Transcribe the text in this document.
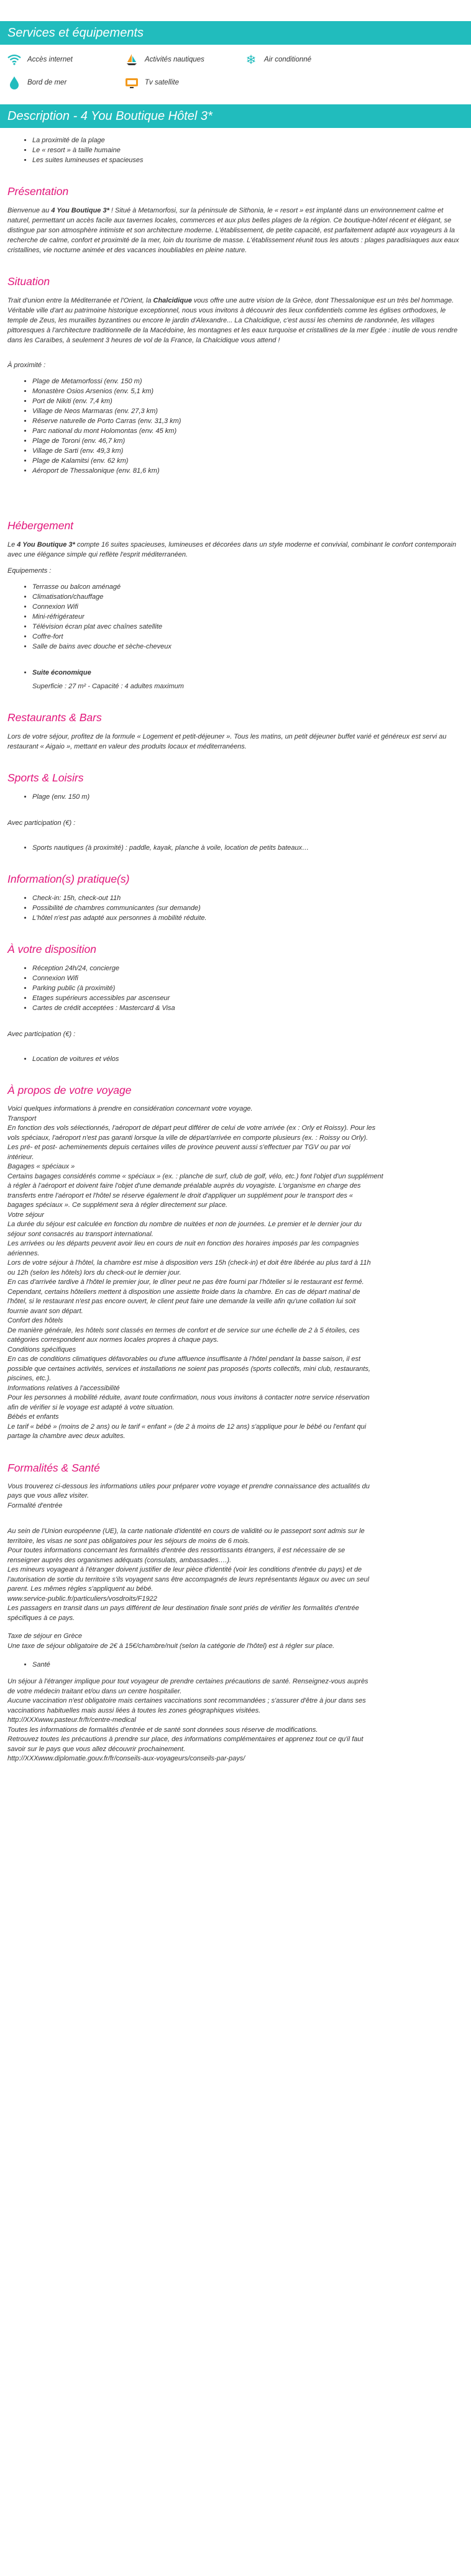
Services et équipements
Accès internet	Activités nautiques	❄ Air conditionné
Bord de mer	Tv satellite
Description - 4 You Boutique Hôtel 3*
• La proximité de la plage
• Le « resort » à taille humaine
• Les suites lumineuses et spacieuses
Présentation

Bienvenue au 4 You Boutique 3* ! Situé à Metamorfosi, sur la péninsule de Sithonia, le « resort » est implanté dans un environnement calme et naturel, permettant un accès facile aux tavernes locales, commerces et aux plus belles plages de la région. Ce boutique-hôtel récent et élégant, se distingue par son atmosphère intimiste et son architecture moderne. L'établissement, de petite capacité, est parfaitement adapté aux voyageurs à la recherche de calme, confort et proximité de la mer, loin du tourisme de masse. L'établissement réunit tous les atouts : plages paradisiaques aux eaux cristallines, vie nocturne animée et des vacances inoubliables en pleine nature.

Situation

Trait d'union entre la Méditerranée et l'Orient, la Chalcidique vous offre une autre vision de la Grèce, dont Thessalonique est un très bel hommage. Véritable ville d'art au patrimoine historique exceptionnel, nous vous invitons à découvrir des lieux confidentiels comme les églises orthodoxes, le temple de Zeus, les murailles byzantines ou encore le jardin d'Alexandre... La Chalcidique, c'est aussi les chemins de randonnée, les villages pittoresques à l'architecture traditionnelle de la Macédoine, les montagnes et les eaux turquoise et cristallines de la mer Egée : inutile de vous rendre dans les Caraïbes, à seulement 3 heures de vol de la France, la Chalcidique vous attend !

À proximité :

• Plage de Metamorfossi (env. 150 m)
• Monastère Osios Arsenios (env. 5,1 km)
• Port de Nikiti (env. 7,4 km)
• Village de Neos Marmaras (env. 27,3 km)
• Réserve naturelle de Porto Carras (env. 31,3 km)
• Parc national du mont Holomontas (env. 45 km)
• Plage de Toroni (env. 46,7 km)
• Village de Sarti (env. 49,3 km)
• Plage de Kalamitsi (env. 62 km)
• Aéroport de Thessalonique (env. 81,6 km)
Hébergement

Le 4 You Boutique 3* compte 16 suites spacieuses, lumineuses et décorées dans un style moderne et convivial, combinant le confort contemporain avec une élégance simple qui reflète l'esprit méditerranéen.

Equipements :

• Terrasse ou balcon aménagé
• Climatisation/chauffage
• Connexion Wifi
• Mini-réfrigérateur
• Télévision écran plat avec chaînes satellite
• Coffre-fort
• Salle de bains avec douche et sèche-cheveux
• Suite économique

Superficie : 27 m² - Capacité : 4 adultes maximum

Restaurants & Bars

Lors de votre séjour, profitez de la formule « Logement et petit-déjeuner ». Tous les matins, un petit déjeuner buffet varié et généreux est servi au restaurant « Aigaio », mettant en valeur des produits locaux et méditerranéens.

Sports & Loisirs
• Plage (env. 150 m)

Avec participation (€) :

• Sports nautiques (à proximité) : paddle, kayak, planche à voile, location de petits bateaux…
Information(s) pratique(s)
• Check-in: 15h, check-out 11h
• Possibilité de chambres communicantes (sur demande)
• L'hôtel n'est pas adapté aux personnes à mobilité réduite.
À votre disposition
• Réception 24h/24, concierge
• Connexion Wifi
• Parking public (à proximité)
• Etages supérieurs accessibles par ascenseur
• Cartes de crédit acceptées : Mastercard & Visa

Avec participation (€) :

• Location de voitures et vélos
À propos de votre voyage

Voici quelques informations à prendre en considération concernant votre voyage.

Transport

En fonction des vols sélectionnés, l'aéroport de départ peut différer de celui de votre arrivée (ex : Orly et Roissy). Pour les

vols spéciaux, l'aéroport n'est pas garanti lorsque la ville de départ/arrivée en comporte plusieurs (ex. : Roissy ou Orly).

Les pré- et post- acheminements depuis certaines villes de province peuvent aussi s'effectuer par TGV ou par voi

intérieur.

Bagages « spéciaux »

Certains bagages considérés comme « spéciaux » (ex. : planche de surf, club de golf, vélo, etc.) font l'objet d'un supplément

à régler à l'aéroport et doivent faire l'objet d'une demande préalable auprès du voyagiste. L'organisme en charge des

transferts entre l'aéroport et l'hôtel se réserve également le droit d'appliquer un supplément pour le transport des «

bagages spéciaux ». Ce supplément sera à régler directement sur place.

Votre séjour

La durée du séjour est calculée en fonction du nombre de nuitées et non de journées. Le premier et le dernier jour du

séjour sont consacrés au transport international.

Les arrivées ou les départs peuvent avoir lieu en cours de nuit en fonction des horaires imposés par les compagnies

aériennes.

Lors de votre séjour à l'hôtel, la chambre est mise à disposition vers 15h (check-in) et doit être libérée au plus tard à 11h

ou 12h (selon les hôtels) lors du check-out le dernier jour.

En cas d'arrivée tardive à l'hôtel le premier jour, le dîner peut ne pas être fourni par l'hôtelier si le restaurant est fermé.

Cependant, certains hôteliers mettent à disposition une assiette froide dans la chambre. En cas de départ matinal de

l'hôtel, si le restaurant n'est pas encore ouvert, le client peut faire une demande la veille afin qu'une collation lui soit

fournie avant son départ.

Confort des hôtels

De manière générale, les hôtels sont classés en termes de confort et de service sur une échelle de 2 à 5 étoiles, ces

catégories correspondent aux normes locales propres à chaque pays.

Conditions spécifiques

En cas de conditions climatiques défavorables ou d'une affluence insuffisante à l'hôtel pendant la basse saison, il est

possible que certaines activités, services et installations ne soient pas proposés (sports collectifs, mini club, restaurants,

piscines, etc.).

Informations relatives à l'accessibilité

Pour les personnes à mobilité réduite, avant toute confirmation, nous vous invitons à contacter notre service réservation

afin de vérifier si le voyage est adapté à votre situation.

Bébés et enfants

Le tarif « bébé » (moins de 2 ans) ou le tarif « enfant » (de 2 à moins de 12 ans) s'applique pour le bébé ou l'enfant qui

partage la chambre avec deux adultes.

Formalités & Santé

Vous trouverez ci-dessous les informations utiles pour préparer votre voyage et prendre connaissance des actualités du

pays que vous allez visiter.

Formalité d'entrée

Au sein de l'Union européenne (UE), la carte nationale d'identité en cours de validité ou le passeport sont admis sur le

territoire, les visas ne sont pas obligatoires pour les séjours de moins de 6 mois.

Pour toutes informations concernant les formalités d'entrée des ressortissants étrangers, il est nécessaire de se

renseigner auprès des organismes adéquats (consulats, ambassades….).

Les mineurs voyageant à l'étranger doivent justifier de leur pièce d'identité (voir les conditions d'entrée du pays) et de

l'autorisation de sortie du territoire s'ils voyagent sans être accompagnés de leurs représentants légaux ou avec un seul

parent. Les mêmes règles s'appliquent au bébé.

www.service-public.fr/particuliers/vosdroits/F1922

Les passagers en transit dans un pays différent de leur destination finale sont priés de vérifier les formalités d'entrée

spécifiques à ce pays.

Taxe de séjour en Grèce

Une taxe de séjour obligatoire de 2€ à 15€/chambre/nuit (selon la catégorie de l'hôtel) est à régler sur place.

• Santé

Un séjour à l'étranger implique pour tout voyageur de prendre certaines précautions de santé. Renseignez-vous auprès

de votre médecin traitant et/ou dans un centre hospitalier.

Aucune vaccination n'est obligatoire mais certaines vaccinations sont recommandées ; s'assurer d'être à jour dans ses

vaccinations habituelles mais aussi liées à toutes les zones géographiques visitées.

http://XXXwww.pasteur.fr/fr/centre-medical

Toutes les informations de formalités d'entrée et de santé sont données sous réserve de modifications.

Retrouvez toutes les précautions à prendre sur place, des informations complémentaires et apprenez tout ce qu'il faut

savoir sur le pays que vous allez découvrir prochainement.

http://XXXwww.diplomatie.gouv.fr/fr/conseils-aux-voyageurs/conseils-par-pays/
